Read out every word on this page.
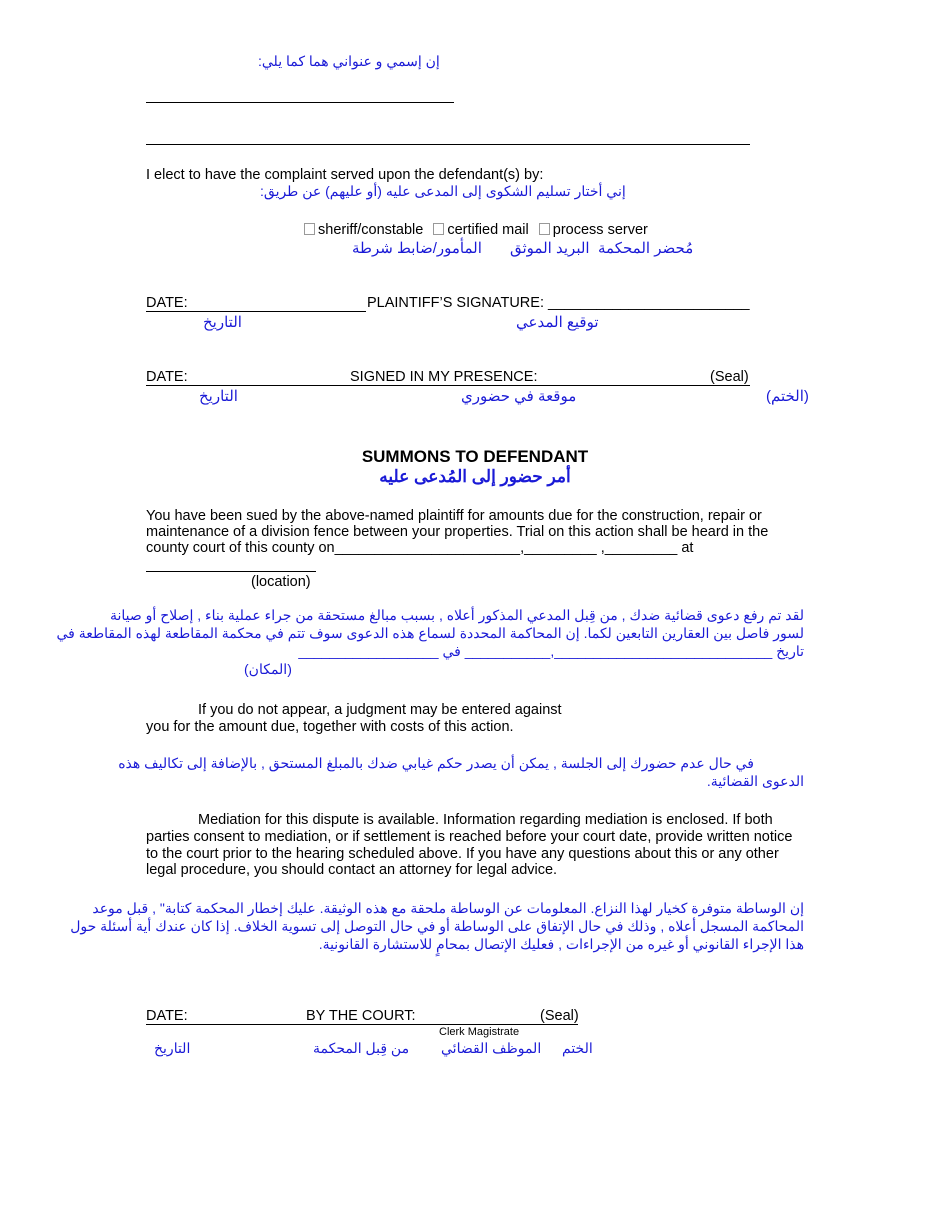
إن إسمي و عنواني هما كما يلي:
I elect to have the complaint served upon the defendant(s) by:
إني أختار تسليم الشكوى إلى المدعى عليه (أو عليهم) عن طريق:
sheriff/constable certified mail process server
المأمور/ضابط شرطة البريد الموثق مُحضر المحكمة
DATE:	PLAINTIFF’S SIGNATURE: _________________________
التاريخ	توقيع المدعي
DATE:	SIGNED IN MY PRESENCE:	(Seal)
التاريخ	موقعة في حضوري	(الختم)
SUMMONS TO DEFENDANT
أمر حضور إلى المُدعى عليه
You have been sued by the above-named plaintiff for amounts due for the construction, repair or
maintenance of a division fence between your properties. Trial on this action shall be heard in the
county court of this county on_______________________,_________ ,_________ at
(location)
لقد تم رفع دعوى قضائية ضدك , من قِبل المدعي المذكور أعلاه , بسبب مبالغ مستحقة من جراء عملية بناء , إصلاح أو صيانة
لسور فاصل بين العقارين التابعين لكما. إن المحاكمة المحددة لسماع هذه الدعوى سوف تتم في محكمة المقاطعة لهذه المقاطعة في
تاريخ ____________________________,___________ في __________________
(المكان)
If you do not appear, a judgment may be entered against
you for the amount due, together with costs of this action.
في حال عدم حضورك إلى الجلسة , يمكن أن يصدر حكم غيابي ضدك بالمبلغ المستحق , بالإضافة إلى تكاليف هذه
الدعوى القضائية.
Mediation for this dispute is available. Information regarding mediation is enclosed. If both
parties consent to mediation, or if settlement is reached before your court date, provide written notice
to the court prior to the hearing scheduled above. If you have any questions about this or any other
legal procedure, you should contact an attorney for legal advice.
إن الوساطة متوفرة كخيار لهذا النزاع. المعلومات عن الوساطة ملحقة مع هذه الوثيقة. عليك إخطار المحكمة كتابة" , قبل موعد
المحاكمة المسجل أعلاه , وذلك في حال الإتفاق على الوساطة أو في حال التوصل إلى تسوية الخلاف. إذا كان عندك أية أسئلة حول
هذا الإجراء القانوني أو غيره من الإجراءات , فعليك الإتصال بمحامٍ للاستشارة القانونية.
DATE:	BY THE COURT:	(Seal)
Clerk Magistrate
التاريخ	من قِبل المحكمة الموظف القضائي الختم
